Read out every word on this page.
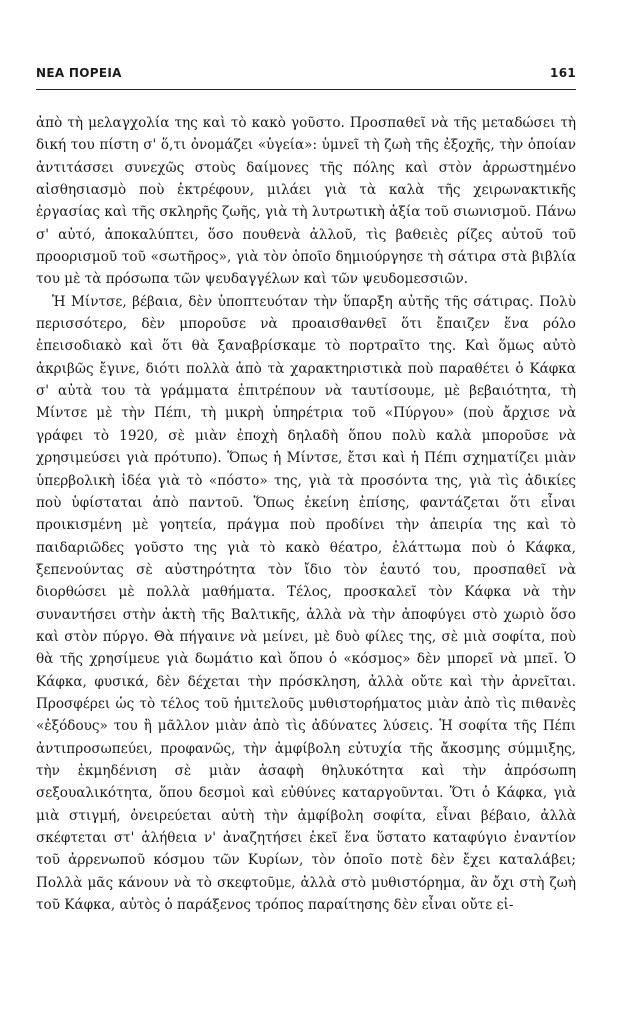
ΝΕΑ ΠΟΡΕΙΑ	161

ἀπὸ τὴ μελαγχολία της καὶ τὸ κακὸ γοῦστο. Προσπαθεῖ νὰ τῆς μεταδώσει τὴ δική του πίστη σ' ὅ,τι ὀνομάζει «ὑγεία»: ὑμνεῖ τὴ ζωὴ τῆς ἐξοχῆς, τὴν ὁποίαν ἀντιτάσσει συνεχῶς στοὺς δαίμονες τῆς πόλης καὶ στὸν ἀρρωστημένο αἰσθησιασμὸ ποὺ ἐκτρέφουν, μιλάει γιὰ τὰ καλὰ τῆς χειρωνακτικῆς ἐργασίας καὶ τῆς σκληρῆς ζωῆς, γιὰ τὴ λυτρωτικὴ ἀξία τοῦ σιωνισμοῦ. Πάνω σ' αὐτό, ἀποκαλύπτει, ὅσο πουθενὰ ἀλλοῦ, τὶς βαθειὲς ρίζες αὐτοῦ τοῦ προορισμοῦ τοῦ «σωτῆρος», γιὰ τὸν ὁποῖο δημιούργησε τὴ σάτιρα στὰ βιβλία του μὲ τὰ πρόσωπα τῶν ψευδαγγέλων καὶ τῶν ψευδομεσσιῶν.

Ἡ Μίντσε, βέβαια, δὲν ὑποπτευόταν τὴν ὕπαρξη αὐτῆς τῆς σάτιρας. Πολὺ περισσότερο, δὲν μποροῦσε νὰ προαισθανθεῖ ὅτι ἔπαιζεν ἕνα ρόλο ἐπεισοδιακὸ καὶ ὅτι θὰ ξαναβρίσκαμε τὸ πορτραῖτο της. Καὶ ὅμως αὐτὸ ἀκριβῶς ἔγινε, διότι πολλὰ ἀπὸ τὰ χαρακτηριστικὰ ποὺ παραθέτει ὁ Κάφκα σ' αὐτὰ του τὰ γράμματα ἐπιτρέπουν νὰ ταυτίσουμε, μὲ βεβαιότητα, τὴ Μίντσε μὲ τὴν Πέπι, τὴ μικρὴ ὑπηρέτρια τοῦ «Πύργου» (ποὺ ἄρχισε νὰ γράφει τὸ 1920, σὲ μιὰν ἐποχὴ δηλαδὴ ὅπου πολὺ καλὰ μποροῦσε νὰ χρησιμεύσει γιὰ πρότυπο). Ὅπως ἡ Μίντσε, ἔτσι καὶ ἡ Πέπι σχηματίζει μιὰν ὑπερβολικὴ ἰδέα γιὰ τὸ «πόστο» της, γιὰ τὰ προσόντα της, γιὰ τὶς ἀδικίες ποὺ ὑφίσταται ἀπὸ παντοῦ. Ὅπως ἐκείνη ἐπίσης, φαντάζεται ὅτι εἶναι προικισμένη μὲ γοητεία, πράγμα ποὺ προδίνει τὴν ἀπειρία της καὶ τὸ παιδαριῶδες γοῦστο της γιὰ τὸ κακὸ θέατρο, ἐλάττωμα ποὺ ὁ Κάφκα, ξεπενούντας σὲ αὐστηρότητα τὸν ἴδιο τὸν ἑαυτό του, προσπαθεῖ νὰ διορθώσει μὲ πολλὰ μαθήματα. Τέλος, προσκαλεῖ τὸν Κάφκα νὰ τὴν συναντήσει στὴν ἀκτὴ τῆς Βαλτικῆς, ἀλλὰ νὰ τὴν ἀποφύγει στὸ χωριὸ ὅσο καὶ στὸν πύργο. Θὰ πήγαινε νὰ μείνει, μὲ δυὸ φίλες της, σὲ μιὰ σοφίτα, ποὺ θὰ τῆς χρησίμευε γιὰ δωμάτιο καὶ ὅπου ὁ «κόσμος» δὲν μπορεῖ νὰ μπεῖ. Ὁ Κάφκα, φυσικά, δὲν δέχεται τὴν πρόσκληση, ἀλλὰ οὔτε καὶ τὴν ἀρνεῖται. Προσφέρει ὡς τὸ τέλος τοῦ ἡμιτελοῦς μυθιστορήματος μιὰν ἀπὸ τὶς πιθανὲς «ἐξόδους» του ἢ μᾶλλον μιὰν ἀπὸ τὶς ἀδύνατες λύσεις. Ἡ σοφίτα τῆς Πέπι ἀντιπροσωπεύει, προφανῶς, τὴν ἀμφίβολη εὐτυχία τῆς ἄκοσμης σύμμιξης, τὴν ἐκμηδένιση σὲ μιὰν ἀσαφὴ θηλυκότητα καὶ τὴν ἀπρόσωπη σεξουαλικότητα, ὅπου δεσμοὶ καὶ εὐθύνες καταργοῦνται. Ὅτι ὁ Κάφκα, γιὰ μιὰ στιγμή, ὀνειρεύεται αὐτὴ τὴν ἀμφίβολη σοφίτα, εἶναι βέβαιο, ἀλλὰ σκέφτεται στ' ἀλήθεια ν' ἀναζητήσει ἐκεῖ ἕνα ὕστατο καταφύγιο ἐναντίον τοῦ ἀρρενωποῦ κόσμου τῶν Κυρίων, τὸν ὁποῖο ποτὲ δὲν ἔχει καταλάβει; Πολλὰ μᾶς κάνουν νὰ τὸ σκεφτοῦμε, ἀλλὰ στὸ μυθιστόρημα, ἂν ὄχι στὴ ζωὴ τοῦ Κάφκα, αὐτὸς ὁ παράξενος τρόπος παραίτησης δὲν εἶναι οὔτε εἰ-
